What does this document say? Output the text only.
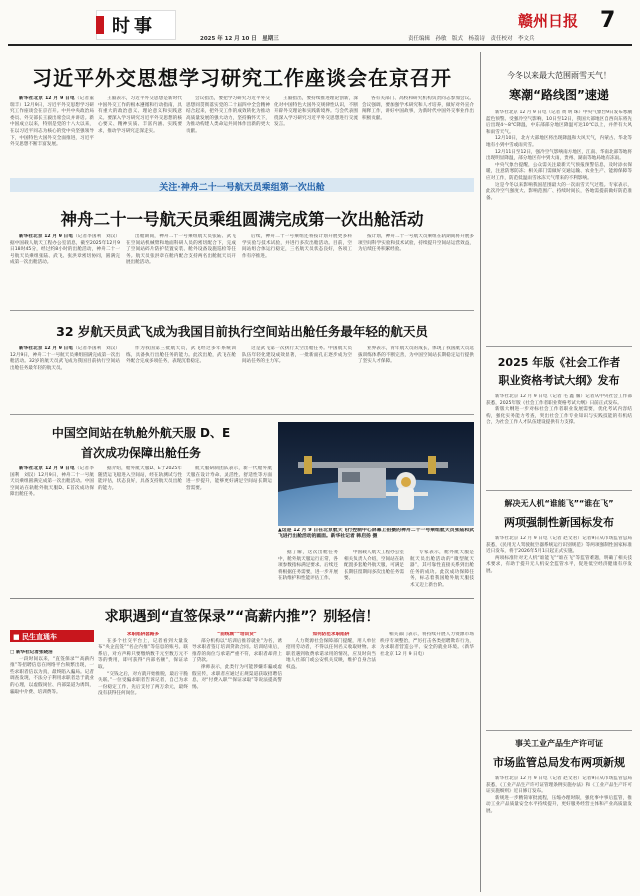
时事
2025 年 12 月 10 日　星期三	责任编辑　孙敏　版式　杨荔诗　责任校对　李文兵
赣州日报 7
习近平外交思想学习研究工作座谈会在京召开

新华社北京 12 月 9 日电（记者董瑞丰）12月9日，习近平外交思想学习研究工作座谈会在京召开。中共中央政治局委员、外交部长王毅出席会议并讲话。新中国成立以来，特别是党的十八大以来，在以习近平同志为核心的党中央坚强领导下，中国特色大国外交全面推进，习近平外交思想不断丰富发展。

王毅表示，习近平外交思想是新时代中国外交工作的根本遵循和行动指南，具有重大的政治意义、理论意义和实践意义。要深入学习研究习近平外交思想的核心要义、精神实质、丰富内涵、实践要求，推动学习研究走深走实。

会议指出，要把学习研究习近平外交思想同贯彻落实党的二十届四中全会精神结合起来，把外交工作的成效转化为推动高质量发展的强大动力，坚持胸怀天下，为推动构建人类命运共同体作出新的更大贡献。

王毅指出，要持续推进理论创新，深化对中国特色大国外交规律性认识，不断开辟外交理论和实践新境界。与会代表围绕深入学习研究习近平外交思想进行交流发言。

各有关部门、高校和研究机构负责同志参加会议。会议强调，要加强学术研究和人才培养，做好对外宣介阐释工作，讲好中国故事，为新时代中国外交事业作出积极贡献。

关注·神舟二十一号航天员乘组第一次出舱
神舟二十一号航天员乘组圆满完成第一次出舱活动

新华社北京 12 月 9 日电（记者李国利　刘汉）据中国载人航天工程办公室消息，截至2025年12月9日18时45分，经过约8小时的出舱活动，神舟二十一号航天员乘组张陆、武飞、张洪章密切协同，圆满完成第一次出舱活动。

出舱期间，神舟二十一号乘组航天员张陆、武飞在空间站机械臂和地面科研人员的密切配合下，完成了空间站碎片防护装置安装、舱外设备设施巡检等任务。航天员张洪章在舱内配合支持两名出舱航天员开展出舱活动。

后续，神舟二十一号乘组还将按计划开展更多科学实验与技术试验，并进行多次出舱活动。目前，空间站组合体运行稳定，三名航天员状态良好，各项工作有序推进。

按计划，神舟二十一号航天员乘组在轨期间将开展多项空间科学实验和技术试验，持续提升空间站运营效益，为后续任务积累经验。

32 岁航天员武飞成为我国目前执行空间站出舱任务最年轻的航天员

新华社北京 12 月 9 日电（记者李国利　刘汉）12月9日，神舟二十一号航天员乘组圆满完成第一次出舱活动。32岁的航天员武飞成为我国目前执行空间站出舱任务最年轻的航天员。

作为我国第三批航天员，武飞经过多年系统训练，具备执行出舱任务的能力。此次出舱，武飞在舱外配合完成多项任务，表现沉着稳定。

这是武飞第一次执行太空出舱任务。中国航天员队伍年轻化建设成效显著，一批新面孔正逐步成为空间站任务的主力军。

业界表示，青年航天员的成长，体现了我国航天员选拔训练体系的不断完善，为中国空间站长期稳定运行提供了坚实人才保障。

中国空间站在轨舱外航天服 D、E
首次成功保障出舱任务

新华社北京 12 月 9 日电（记者李国利　刘汉）12月9日，神舟二十一号航天员乘组圆满完成第一次出舱活动。中国空间站在轨舱外航天服D、E首次成功保障出舱任务。

据介绍，舱外航天服D、E于2025年随货运飞船进入空间站，经在轨测试与性能评估，状态良好，具备支持航天员出舱的能力。

航天服研制团队表示，新一代舱外航天服在设计寿命、灵活性、舒适性等方面进一步提升，能够更好满足空间站长期运营需要。

▲这是 12 月 9 日在北京航天飞行控制中心屏幕上拍摄的神舟二十一号乘组航天员张陆和武飞进行出舱活动的画面。新华社记者 韩启扬 摄

据了解，这次出舱任务中，舱外航天服运行正常，各项参数指标满足要求。后续还将根据任务需要，进一步开展在轨维护和性能评估工作。

中国载人航天工程办公室相关负责人介绍，空间站在轨配置多套舱外航天服，可满足长期驻留期间多次出舱任务需要。

专家表示，舱外航天服是航天员出舱活动的“微型航天器”，其可靠性直接关系到出舱任务的成功。此次成功保障任务，标志着我国舱外航天服技术又迈上新台阶。

今冬以来最大范围雨雪天气！
寒潮“路线图”速递

新华社北京 12 月 9 日电（记者 黄 明 珠）中央气象台9日发布寒潮蓝色预警。受强冷空气影响，10日至12日，我国大部地区自西向东将先后出现4～8℃降温，中东部部分地区降温可达10℃以上，并伴有大风和雨雪天气。

12月10日，北方大部地区将出现降温和大风天气，内蒙古、华北等地有小到中雪或雨夹雪。

12月11日至12日，强冷空气影响南方地区，江南、华南北部等地将出现明显降温，部分地区有中到大雨，贵州、湖南等地局地有冻雨。

中央气象台提醒，公众需关注最新天气预报预警信息，及时添衣保暖，注意防寒防冻；相关部门需做好交通运输、农业生产、能源保障等应对工作，防范低温雨雪冰冻天气带来的不利影响。

这是今冬以来影响我国范围最大的一次雨雪天气过程。专家表示，此次冷空气强度大、影响范围广、持续时间长，各地需提前做好防范准备。

2025 年版《社会工作者
职业资格考试大纲》发布

新华社北京 12 月 9 日电（记者 毛 鑫 馨）记者从中央社会工作部获悉，2025年版《社会工作者职业资格考试大纲》日前正式发布。

新版大纲进一步对标社会工作者职业发展需要，优化考试内容结构，强化实务能力考查，突出社会工作专业知识与实践技能的有机结合，为社会工作人才队伍建设提供有力支撑。

解决无人机“谁能飞”“谁在飞”
两项强制性新国标发布

新华社北京 12 月 9 日电（记者 赵文君）记者9日从市场监管总局获悉，《民用无人驾驶航空器系统运行识别规范》等两项强制性国家标准近日发布，将于2026年5月1日起正式实施。

两项标准针对无人机“谁能飞”“谁在飞”等监管难题，明确了相关技术要求，有助于提升无人机安全监管水平，促进低空经济健康有序发展。

事关工业产品生产许可证
市场监管总局发布两项新规

新华社北京 12 月 9 日电（记者 赵文君）记者9日从市场监管总局获悉，《工业产品生产许可证管理条例实施办法》和《工业产品生产许可证实施细则》近日修订发布。

新规进一步精简审批流程，压缩办理时限，强化事中事后监管，推动工业产品质量安全水平持续提升，更好服务经营主体和产业高质量发展。

求职遇到“直签保录”“高薪内推”？别轻信！
■ 民生直通车

□ 新华社记者张晓洁

一段时间以来，“直签保录”“高薪内推”等招聘信息在网络平台频繁出现，一些求职者信以为真，最终陷入骗局。记者调查发现，不法分子利用求职者急于就业的心理，以虚假岗位、内部渠道为诱饵，骗取中介费、培训费等。

求职陷阱套路多

在多个社交平台上，记者看到大量发布“央企直签”“名企内推”等信息的账号。联系后，对方声称只要缴纳数千元至数万元不等的费用，即可获得“内部名额”，保证录取。

“交钱之后，对方就开始推脱，最后干脆失联。”一位受骗求职者告诉记者，自己为求一份稳定工作，先后支付了两万余元，最终没有获得任何岗位。

“前线城”“培训贷”

部分机构以“培训后推荐就业”为名，诱导求职者签订培训贷款合同。培训结束后，推荐的岗位与承诺严重不符，求职者却背上了贷款。

律师表示，此类行为可能涉嫌诈骗或虚假宣传，求职者应通过正规渠道获取招聘信息，对“付费入职”“保证录取”等说法提高警惕。

如何防范求职陷阱

人力资源社会保障部门提醒，用人单位招用劳动者，不得以任何名义收取财物。求职者遇到收费承诺录用的情况，应及时向当地人社部门或公安机关反映，维护自身合法权益。

相关部门表示，将持续开展人力资源市场秩序专项整治，严厉打击各类招聘欺诈行为，为求职者营造公平、安全的就业环境。（新华社北京 12 月 9 日电）
